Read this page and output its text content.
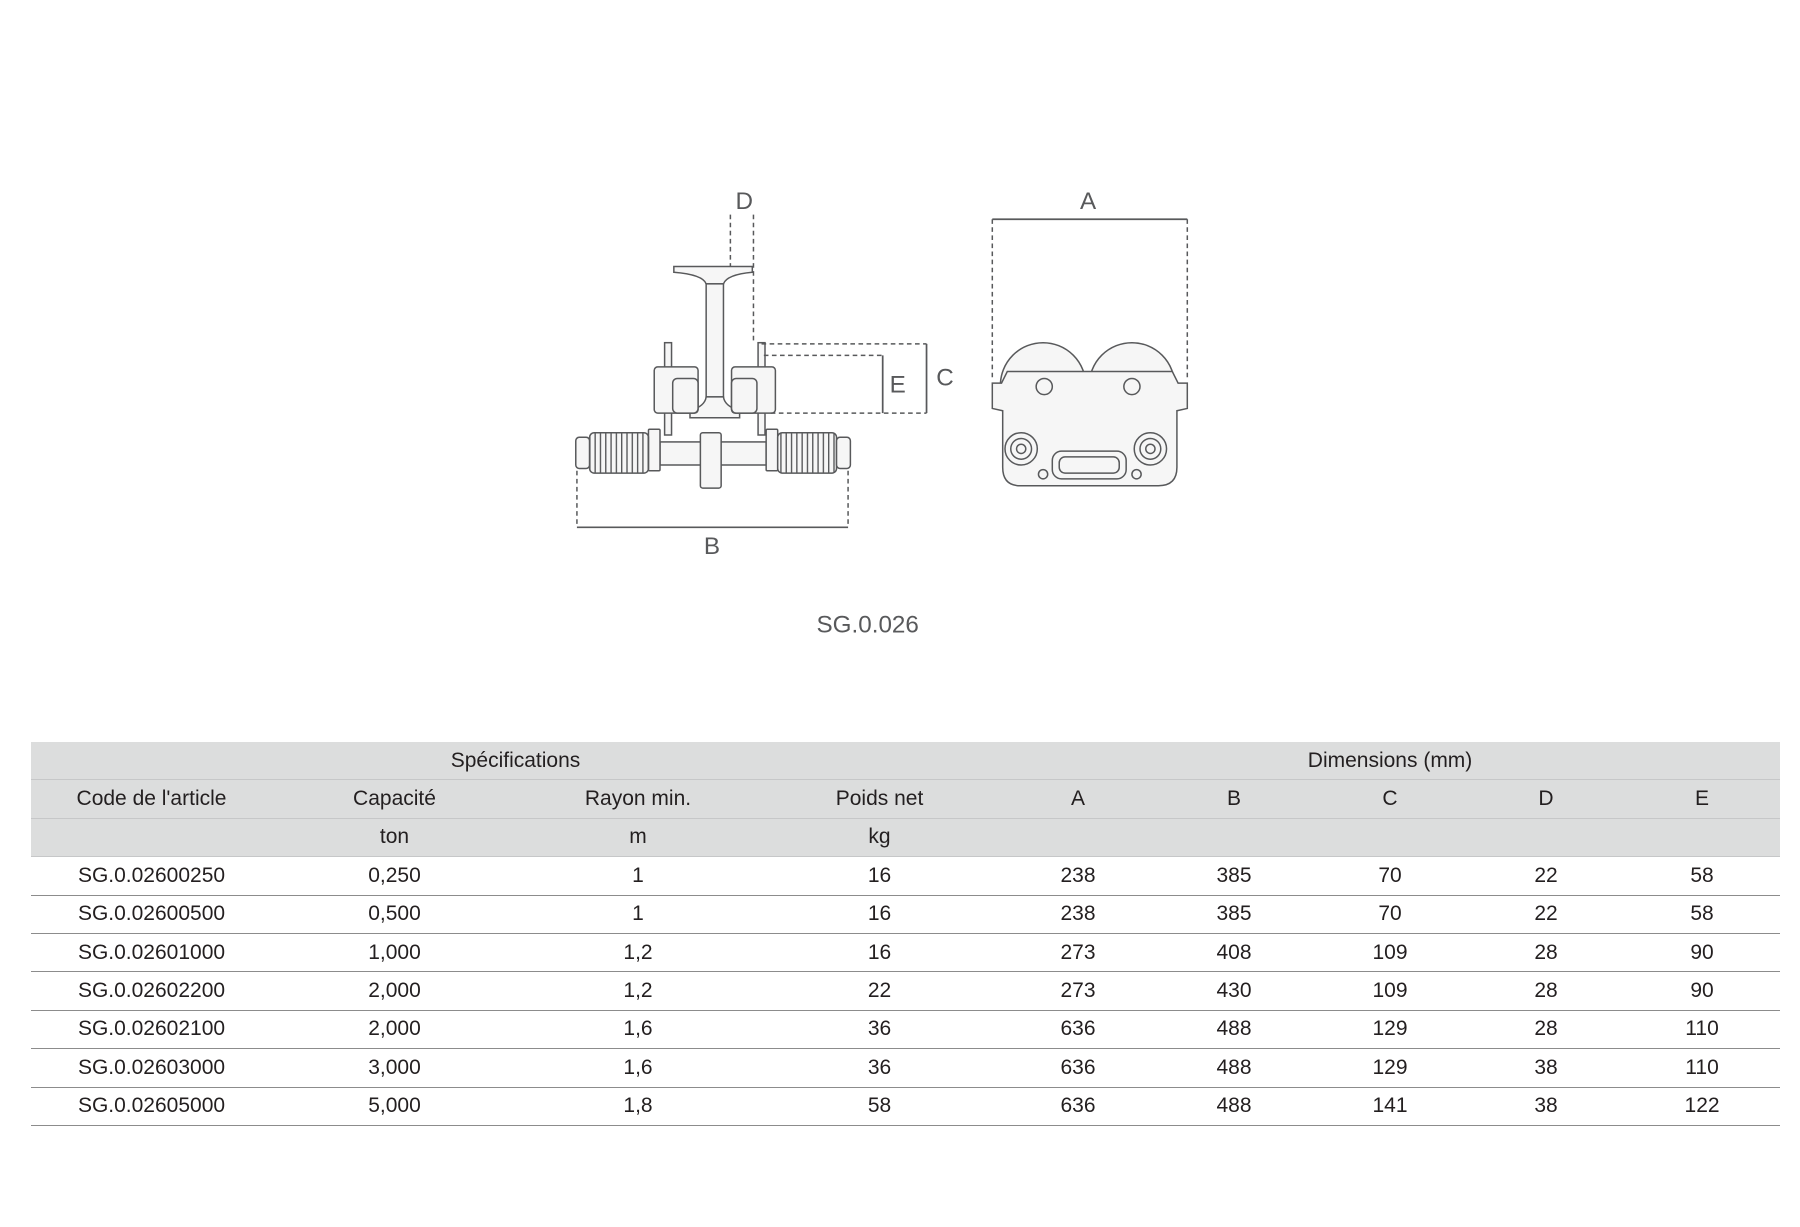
D
E C
B
A
SG.0.026
Spécifications				Dimensions (mm)				
Code de l'article	Capacité	Rayon min.	Poids net	A	B	C	D	E
	ton	m	kg					
SG.0.02600250	0,250	1	16	238	385	70	22	58
SG.0.02600500	0,500	1	16	238	385	70	22	58
SG.0.02601000	1,000	1,2	16	273	408	109	28	90
SG.0.02602200	2,000	1,2	22	273	430	109	28	90
SG.0.02602100	2,000	1,6	36	636	488	129	28	110
SG.0.02603000	3,000	1,6	36	636	488	129	38	110
SG.0.02605000	5,000	1,8	58	636	488	141	38	122
